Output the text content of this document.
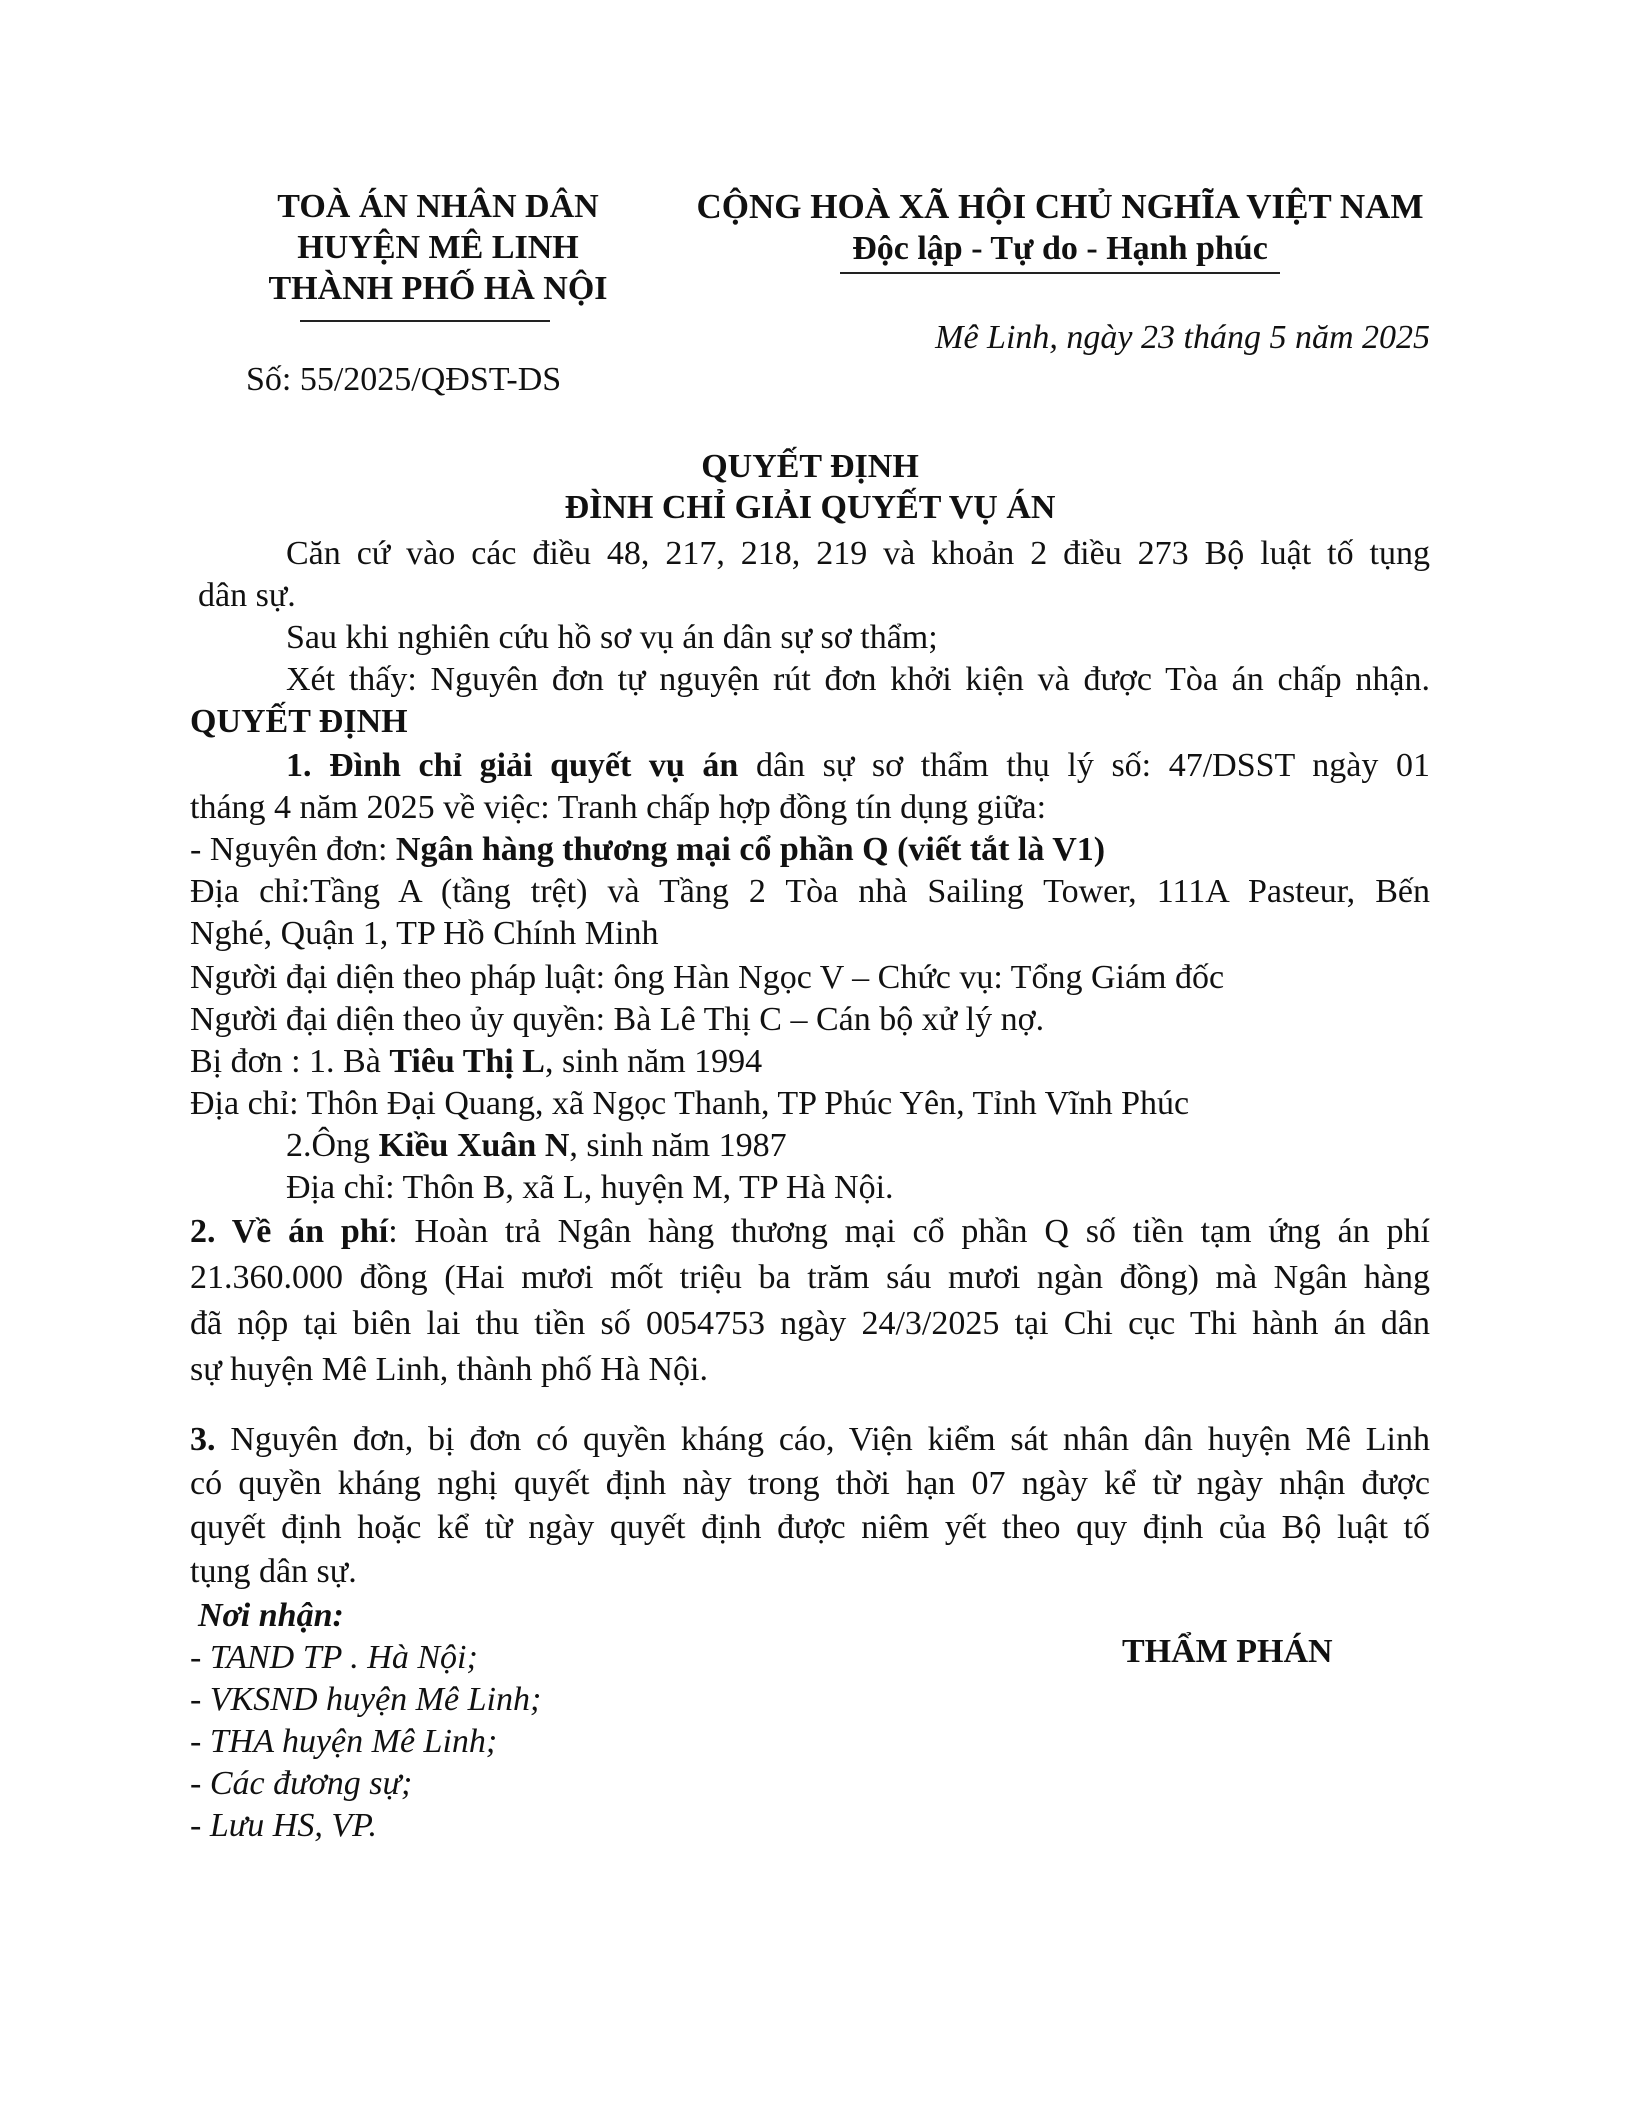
TOÀ ÁN NHÂN DÂN
HUYỆN MÊ LINH
THÀNH PHỐ HÀ NỘI
Số: 55/2025/QĐST-DS
CỘNG HOÀ XÃ HỘI CHỦ NGHĨA VIỆT NAM
Độc lập - Tự do - Hạnh phúc
Mê Linh, ngày 23 tháng 5 năm 2025
QUYẾT ĐỊNH
ĐÌNH CHỈ GIẢI QUYẾT VỤ ÁN
Căn cứ vào các điều 48, 217, 218, 219 và khoản 2 điều 273 Bộ luật tố tụng
dân sự.
Sau khi nghiên cứu hồ sơ vụ án dân sự sơ thẩm;
Xét thấy: Nguyên đơn tự nguyện rút đơn khởi kiện và được Tòa án chấp nhận.
QUYẾT ĐỊNH
1. Đình chỉ giải quyết vụ án dân sự sơ thẩm thụ lý số: 47/DSST ngày 01
tháng 4 năm 2025 về việc: Tranh chấp hợp đồng tín dụng giữa:
- Nguyên đơn: Ngân hàng thương mại cổ phần Q (viết tắt là V1)
Địa chỉ:Tầng A (tầng trệt) và Tầng 2 Tòa nhà Sailing Tower, 111A Pasteur, Bến
Nghé, Quận 1, TP Hồ Chính Minh
Người đại diện theo pháp luật: ông Hàn Ngọc V – Chức vụ: Tổng Giám đốc
Người đại diện theo ủy quyền: Bà Lê Thị C – Cán bộ xử lý nợ.
Bị đơn : 1. Bà Tiêu Thị L, sinh năm 1994
Địa chỉ: Thôn Đại Quang, xã Ngọc Thanh, TP Phúc Yên, Tỉnh Vĩnh Phúc
2.Ông Kiều Xuân N, sinh năm 1987
Địa chỉ: Thôn B, xã L, huyện M, TP Hà Nội.
2. Về án phí: Hoàn trả Ngân hàng thương mại cổ phần Q số tiền tạm ứng án phí
21.360.000 đồng (Hai mươi mốt triệu ba trăm sáu mươi ngàn đồng) mà Ngân hàng
đã nộp tại biên lai thu tiền số 0054753 ngày 24/3/2025 tại Chi cục Thi hành án dân
sự huyện Mê Linh, thành phố Hà Nội.
3. Nguyên đơn, bị đơn có quyền kháng cáo, Viện kiểm sát nhân dân huyện Mê Linh
có quyền kháng nghị quyết định này trong thời hạn 07 ngày kể từ ngày nhận được
quyết định hoặc kể từ ngày quyết định được niêm yết theo quy định của Bộ luật tố
tụng dân sự.
Nơi nhận:
- TAND TP . Hà Nội;
- VKSND huyện Mê Linh;
- THA huyện Mê Linh;
- Các đương sự;
- Lưu HS, VP.
THẨM PHÁN
